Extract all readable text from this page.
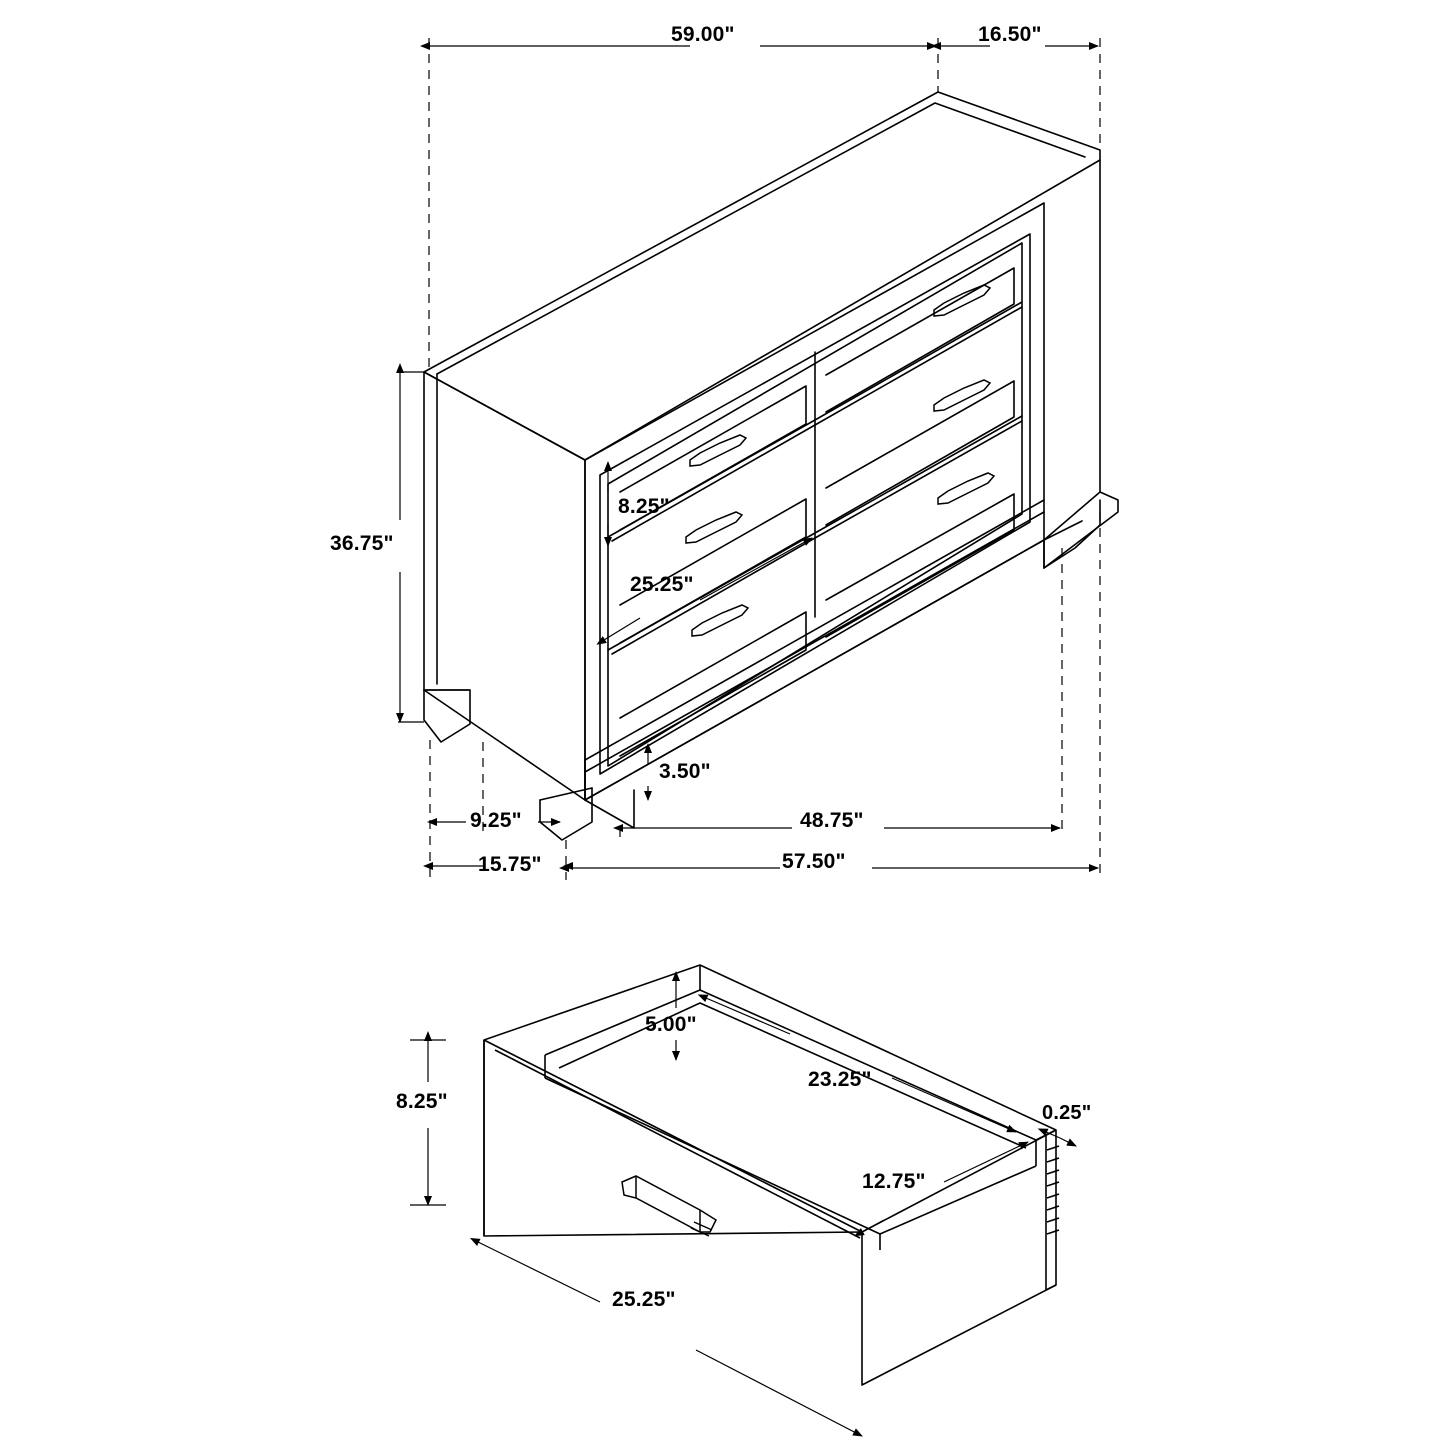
59.00"	16.50"
36.75"
8.25"
25.25"
3.50"
9.25"
15.75"
48.75"
57.50"
5.00"
23.25"
8.25"	0.25"
12.75"
25.25"
